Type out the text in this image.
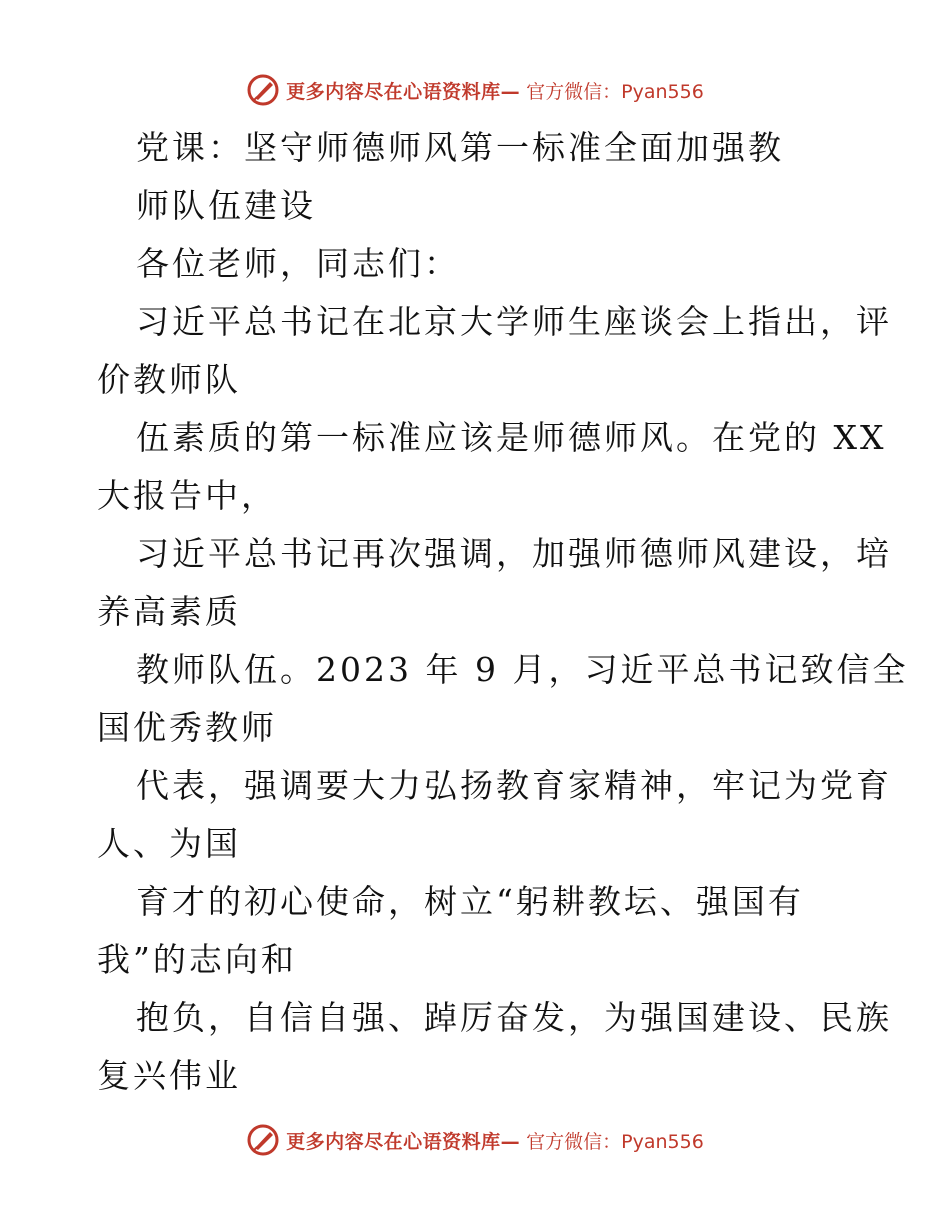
更多内容尽在心语资料库— 官方微信：Pyan556
党课：坚守师德师风第一标准全面加强教
师队伍建设
各位老师，同志们：
习近平总书记在北京大学师生座谈会上指出，评
价教师队
伍素质的第一标准应该是师德师风。在党的 XX
大报告中，
习近平总书记再次强调，加强师德师风建设，培
养高素质
教师队伍。2023 年 9 月，习近平总书记致信全
国优秀教师
代表，强调要大力弘扬教育家精神，牢记为党育
人、为国
育才的初心使命，树立“躬耕教坛、强国有
我”的志向和
抱负，自信自强、踔厉奋发，为强国建设、民族
复兴伟业
更多内容尽在心语资料库— 官方微信：Pyan556
